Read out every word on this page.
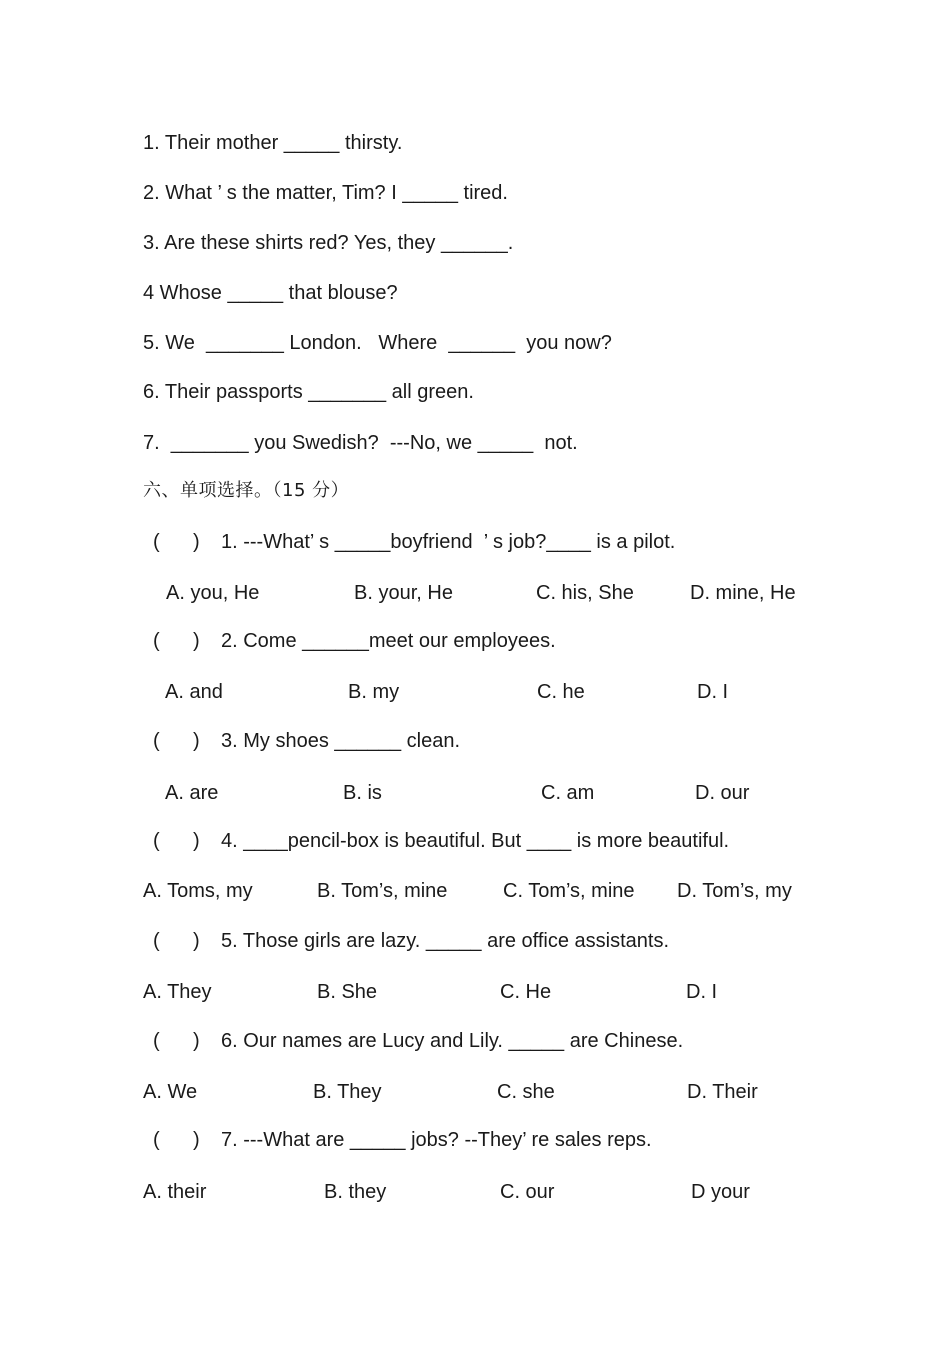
1. Their mother _____ thirsty.
2. What ’ s the matter, Tim? I _____ tired.
3. Are these shirts red? Yes, they ______.
4 Whose _____ that blouse?
5. We  _______ London.   Where  ______  you now?
6. Their passports _______ all green.
7.  _______ you Swedish?  ---No, we _____  not.
六、单项选择。（15 分）
(      ) 1. ---What’ s _____boyfriend  ’ s job?____ is a pilot.
A. you, He	B. your, He	C. his, She	D. mine, He
(      ) 2. Come ______meet our employees.
A. and	B. my	C. he	D. I
(      ) 3. My shoes ______ clean.
A. are	B. is	C. am	D. our
(      ) 4. ____pencil-box is beautiful. But ____ is more beautiful.
A. Toms, my	B. Tom’s, mine	C. Tom’s, mine D. Tom’s, my
(      ) 5. Those girls are lazy. _____ are office assistants.
A. They	B. She	C. He	D. I
(      ) 6. Our names are Lucy and Lily. _____ are Chinese.
A. We	B. They	C. she	D. Their
(      ) 7. ---What are _____ jobs? --They’ re sales reps.
A. their	B. they	C. our	D your
